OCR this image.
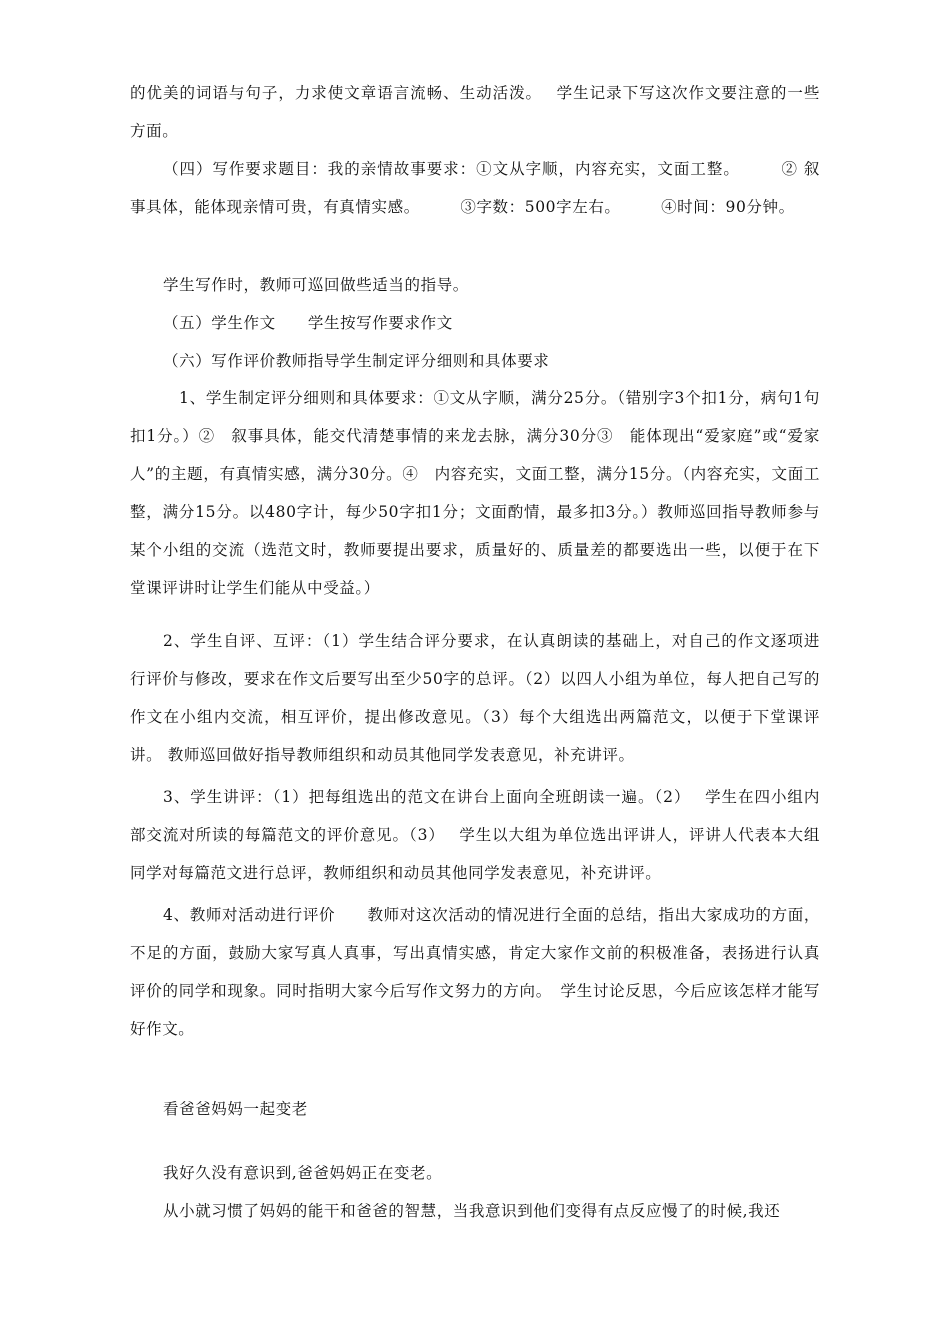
的优美的词语与句子，力求使文章语言流畅、生动活泼。　 学生记录下写这次作文要注意的一些方面。

（四）写作要求题目：我的亲情故事要求：①文从字顺，内容充实，文面工整。　　　② 叙事具体，能体现亲情可贵，有真情实感。　　　③字数：500字左右。　　　④时间：90分钟。

学生写作时，教师可巡回做些适当的指导。

（五）学生作文　　学生按写作要求作文

（六）写作评价教师指导学生制定评分细则和具体要求

1、学生制定评分细则和具体要求：①文从字顺，满分25分。（错别字3个扣1分，病句1句扣1分。）②　叙事具体，能交代清楚事情的来龙去脉，满分30分③　能体现出“爱家庭”或“爱家人”的主题，有真情实感，满分30分。④　内容充实，文面工整，满分15分。（内容充实，文面工整，满分15分。以480字计，每少50字扣1分；文面酌情，最多扣3分。）教师巡回指导教师参与某个小组的交流（选范文时，教师要提出要求，质量好的、质量差的都要选出一些，以便于在下堂课评讲时让学生们能从中受益。）

2、学生自评、互评：（1）学生结合评分要求，在认真朗读的基础上，对自己的作文逐项进行评价与修改，要求在作文后要写出至少50字的总评。（2）以四人小组为单位，每人把自己写的作文在小组内交流，相互评价，提出修改意见。（3）每个大组选出两篇范文，以便于下堂课评讲。 教师巡回做好指导教师组织和动员其他同学发表意见，补充讲评。

3、学生讲评：（1）把每组选出的范文在讲台上面向全班朗读一遍。（2）　 学生在四小组内部交流对所读的每篇范文的评价意见。（3）　 学生以大组为单位选出评讲人，评讲人代表本大组同学对每篇范文进行总评，教师组织和动员其他同学发表意见，补充讲评。

4、教师对活动进行评价　　教师对这次活动的情况进行全面的总结，指出大家成功的方面，不足的方面，鼓励大家写真人真事，写出真情实感，肯定大家作文前的积极准备，表扬进行认真评价的同学和现象。同时指明大家今后写作文努力的方向。　学生讨论反思，今后应该怎样才能写好作文。

看爸爸妈妈一起变老

我好久没有意识到,爸爸妈妈正在变老。

从小就习惯了妈妈的能干和爸爸的智慧，当我意识到他们变得有点反应慢了的时候,我还
